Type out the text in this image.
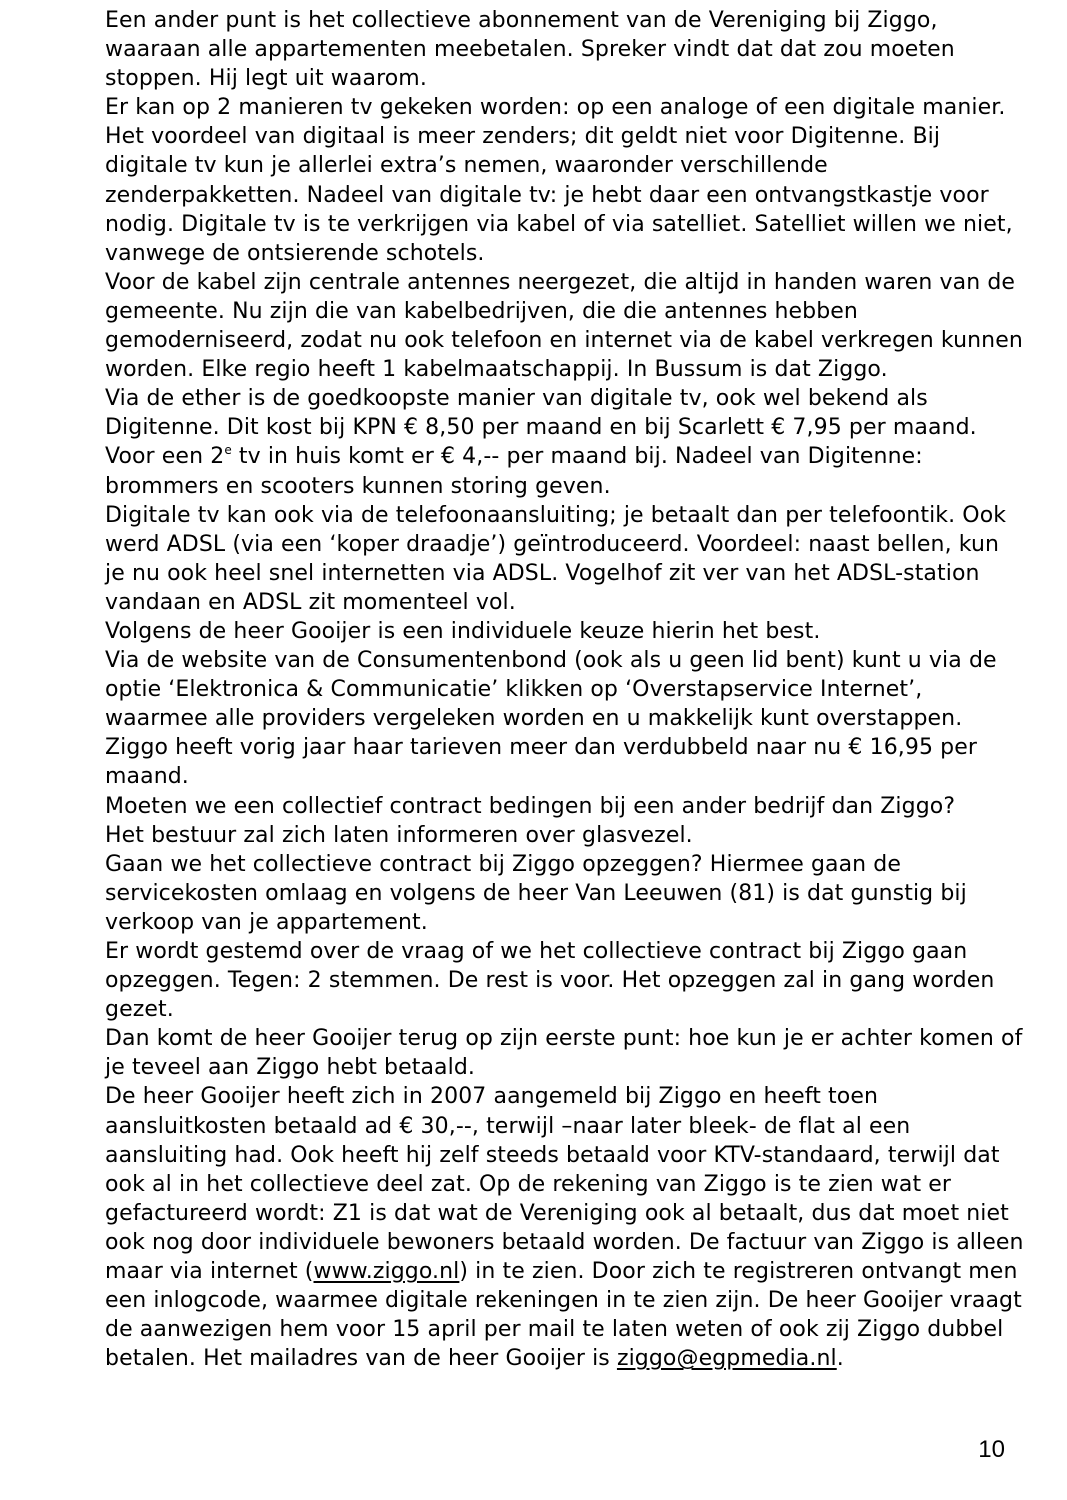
Een ander punt is het collectieve abonnement van de Vereniging bij Ziggo, waaraan alle appartementen meebetalen. Spreker vindt dat dat zou moeten stoppen. Hij legt uit waarom.

Er kan op 2 manieren tv gekeken worden: op een analoge of een digitale manier. Het voordeel van digitaal is meer zenders; dit geldt niet voor Digitenne. Bij digitale tv kun je allerlei extra’s nemen, waaronder verschillende zenderpakketten. Nadeel van digitale tv: je hebt daar een ontvangstkastje voor nodig. Digitale tv is te verkrijgen via kabel of via satelliet. Satelliet willen we niet, vanwege de ontsierende schotels.

Voor de kabel zijn centrale antennes neergezet, die altijd in handen waren van de gemeente. Nu zijn die van kabelbedrijven, die die antennes hebben gemoderniseerd, zodat nu ook telefoon en internet via de kabel verkregen kunnen worden. Elke regio heeft 1 kabelmaatschappij. In Bussum is dat Ziggo.

Via de ether is de goedkoopste manier van digitale tv, ook wel bekend als Digitenne. Dit kost bij KPN € 8,50 per maand en bij Scarlett € 7,95 per maand.

Voor een 2e tv in huis komt er € 4,-- per maand bij. Nadeel van Digitenne: brommers en scooters kunnen storing geven.

Digitale tv kan ook via de telefoonaansluiting; je betaalt dan per telefoontik. Ook werd ADSL (via een ‘koper draadje’) geïntroduceerd. Voordeel: naast bellen, kun je nu ook heel snel internetten via ADSL. Vogelhof zit ver van het ADSL-station vandaan en ADSL zit momenteel vol.

Volgens de heer Gooijer is een individuele keuze hierin het best.

Via de website van de Consumentenbond (ook als u geen lid bent) kunt u via de optie ‘Elektronica & Communicatie’ klikken op ‘Overstapservice Internet’, waarmee alle providers vergeleken worden en u makkelijk kunt overstappen.

Ziggo heeft vorig jaar haar tarieven meer dan verdubbeld naar nu € 16,95 per maand.

Moeten we een collectief contract bedingen bij een ander bedrijf dan Ziggo?

Het bestuur zal zich laten informeren over glasvezel.

Gaan we het collectieve contract bij Ziggo opzeggen? Hiermee gaan de servicekosten omlaag en volgens de heer Van Leeuwen (81) is dat gunstig bij verkoop van je appartement.

Er wordt gestemd over de vraag of we het collectieve contract bij Ziggo gaan opzeggen. Tegen: 2 stemmen. De rest is voor. Het opzeggen zal in gang worden gezet.

Dan komt de heer Gooijer terug op zijn eerste punt: hoe kun je er achter komen of je teveel aan Ziggo hebt betaald.

De heer Gooijer heeft zich in 2007 aangemeld bij Ziggo en heeft toen aansluitkosten betaald ad € 30,--, terwijl –naar later bleek- de flat al een aansluiting had. Ook heeft hij zelf steeds betaald voor KTV-standaard, terwijl dat ook al in het collectieve deel zat. Op de rekening van Ziggo is te zien wat er gefactureerd wordt: Z1 is dat wat de Vereniging ook al betaalt, dus dat moet niet ook nog door individuele bewoners betaald worden. De factuur van Ziggo is alleen maar via internet (www.ziggo.nl) in te zien. Door zich te registreren ontvangt men een inlogcode, waarmee digitale rekeningen in te zien zijn. De heer Gooijer vraagt de aanwezigen hem voor 15 april per mail te laten weten of ook zij Ziggo dubbel betalen. Het mailadres van de heer Gooijer is ziggo@egpmedia.nl.

10
